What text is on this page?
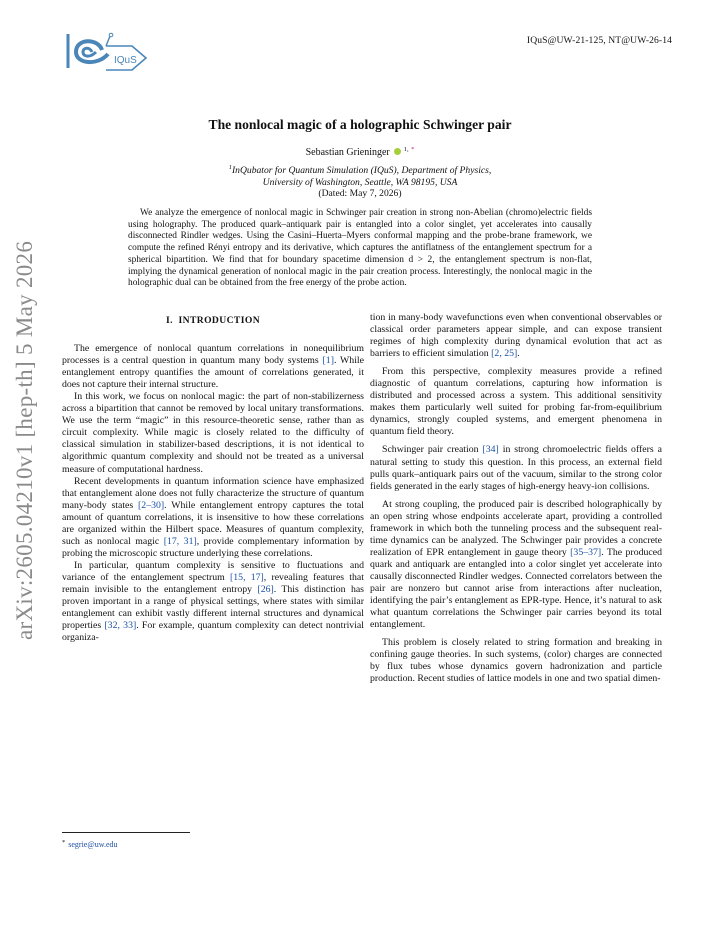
IQuS
IQuS@UW-21-125, NT@UW-26-14
arXiv:2605.04210v1 [hep-th] 5 May 2026
The nonlocal magic of a holographic Schwinger pair
Sebastian Grieninger $^{1,}$ *
$^1$InQubator for Quantum Simulation (IQuS), Department of Physics,
University of Washington, Seattle, WA 98195, USA
(Dated: May 7, 2026)
We analyze the emergence of nonlocal magic in Schwinger pair creation in strong non-Abelian (chromo)electric fields using holography. The produced quark–antiquark pair is entangled into a color singlet, yet accelerates into causally disconnected Rindler wedges. Using the Casini–Huerta–Myers conformal mapping and the probe-brane framework, we compute the refined Rényi entropy and its derivative, which captures the antiflatness of the entanglement spectrum for a spherical bipartition. We find that for boundary spacetime dimension d > 2, the entanglement spectrum is non-flat, implying the dynamical generation of nonlocal magic in the pair creation process. Interestingly, the nonlocal magic in the holographic dual can be obtained from the free energy of the probe action.
I. INTRODUCTION

The emergence of nonlocal quantum correlations in nonequilibrium processes is a central question in quantum many body systems [1]. While entanglement entropy quantifies the amount of correlations generated, it does not capture their internal structure.

In this work, we focus on nonlocal magic: the part of non-stabilizerness across a bipartition that cannot be removed by local unitary transformations. We use the term “magic” in this resource-theoretic sense, rather than as circuit complexity. While magic is closely related to the difficulty of classical simulation in stabilizer-based descriptions, it is not identical to algorithmic quantum complexity and should not be treated as a universal measure of computational hardness.

Recent developments in quantum information science have emphasized that entanglement alone does not fully characterize the structure of quantum many-body states [2–30]. While entanglement entropy captures the total amount of quantum correlations, it is insensitive to how these correlations are organized within the Hilbert space. Measures of quantum complexity, such as nonlocal magic [17, 31], provide complementary information by probing the microscopic structure underlying these correlations.

In particular, quantum complexity is sensitive to fluctuations and variance of the entanglement spectrum [15, 17], revealing features that remain invisible to the entanglement entropy [26]. This distinction has proven important in a range of physical settings, where states with similar entanglement can exhibit vastly different internal structures and dynamical properties [32, 33]. For example, quantum complexity can detect nontrivial organiza-

tion in many-body wavefunctions even when conventional observables or classical order parameters appear simple, and can expose transient regimes of high complexity during dynamical evolution that act as barriers to efficient simulation [2, 25].

From this perspective, complexity measures provide a refined diagnostic of quantum correlations, capturing how information is distributed and processed across a system. This additional sensitivity makes them particularly well suited for probing far-from-equilibrium dynamics, strongly coupled systems, and emergent phenomena in quantum field theory.

Schwinger pair creation [34] in strong chromoelectric fields offers a natural setting to study this question. In this process, an external field pulls quark–antiquark pairs out of the vacuum, similar to the strong color fields generated in the early stages of high-energy heavy-ion collisions.

At strong coupling, the produced pair is described holographically by an open string whose endpoints accelerate apart, providing a controlled framework in which both the tunneling process and the subsequent real-time dynamics can be analyzed. The Schwinger pair provides a concrete realization of EPR entanglement in gauge theory [35–37]. The produced quark and antiquark are entangled into a color singlet yet accelerate into causally disconnected Rindler wedges. Connected correlators between the pair are nonzero but cannot arise from interactions after nucleation, identifying the pair’s entanglement as EPR-type. Hence, it’s natural to ask what quantum correlations the Schwinger pair carries beyond its total entanglement.

This problem is closely related to string formation and breaking in confining gauge theories. In such systems, (color) charges are connected by flux tubes whose dynamics govern hadronization and particle production. Recent studies of lattice models in one and two spatial dimen-

* segrie@uw.edu
